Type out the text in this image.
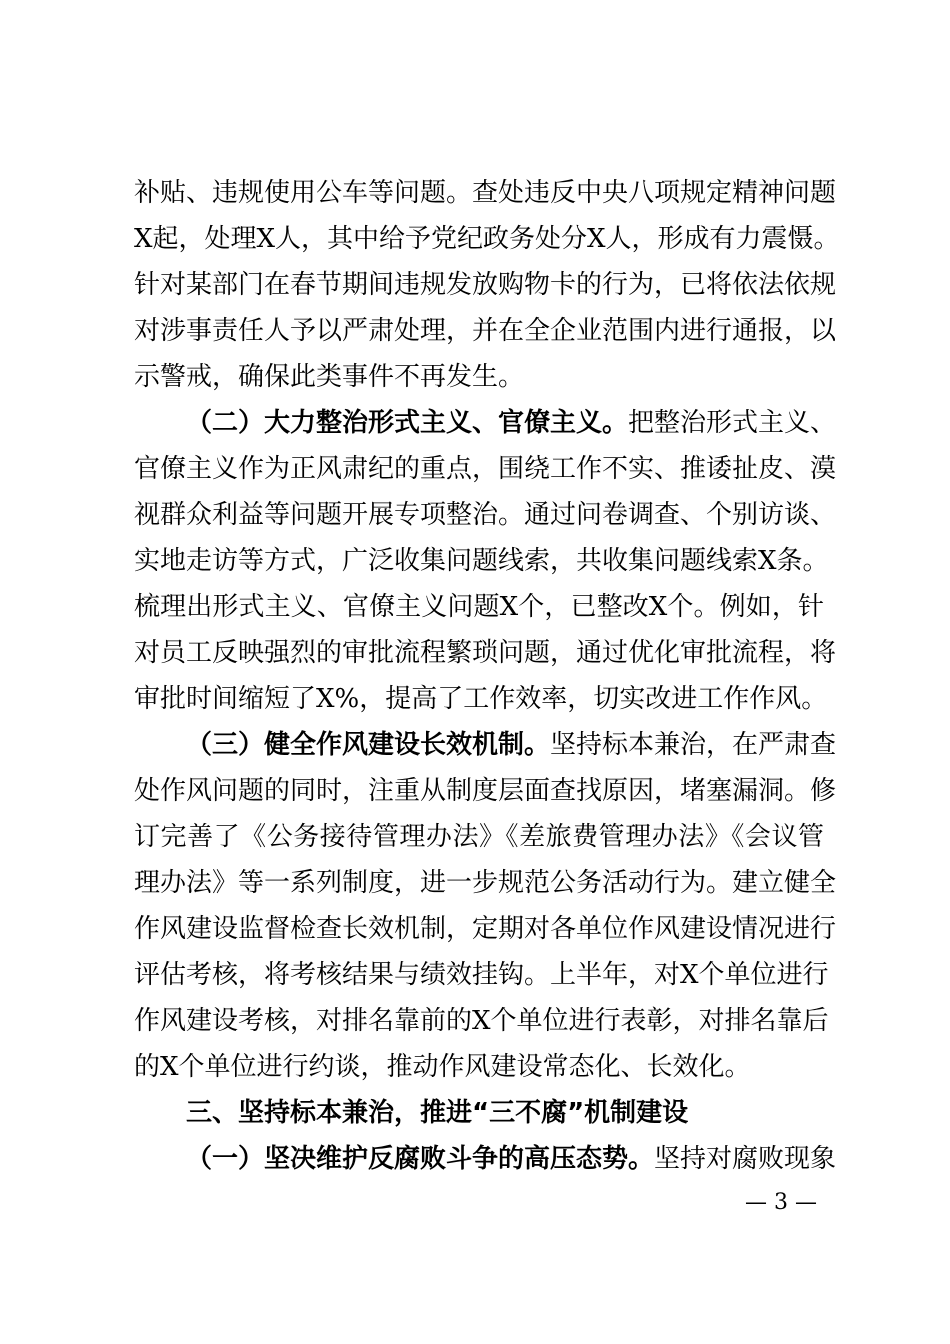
补贴、违规使用公车等问题。查处违反中央八项规定精神问题
X起，处理X人，其中给予党纪政务处分X人，形成有力震慑。
针对某部门在春节期间违规发放购物卡的行为，已将依法依规
对涉事责任人予以严肃处理，并在全企业范围内进行通报，以
示警戒，确保此类事件不再发生。
（二）大力整治形式主义、官僚主义。把整治形式主义、
官僚主义作为正风肃纪的重点，围绕工作不实、推诿扯皮、漠
视群众利益等问题开展专项整治。通过问卷调查、个别访谈、
实地走访等方式，广泛收集问题线索，共收集问题线索X条。
梳理出形式主义、官僚主义问题X个，已整改X个。例如，针
对员工反映强烈的审批流程繁琐问题，通过优化审批流程，将
审批时间缩短了X%，提高了工作效率，切实改进工作作风。
（三）健全作风建设长效机制。坚持标本兼治，在严肃查
处作风问题的同时，注重从制度层面查找原因，堵塞漏洞。修
订完善了《公务接待管理办法》《差旅费管理办法》《会议管
理办法》等一系列制度，进一步规范公务活动行为。建立健全
作风建设监督检查长效机制，定期对各单位作风建设情况进行
评估考核，将考核结果与绩效挂钩。上半年，对X个单位进行
作风建设考核，对排名靠前的X个单位进行表彰，对排名靠后
的X个单位进行约谈，推动作风建设常态化、长效化。
三、坚持标本兼治，推进“三不腐”机制建设
（一）坚决维护反腐败斗争的高压态势。坚持对腐败现象
— 3 —
